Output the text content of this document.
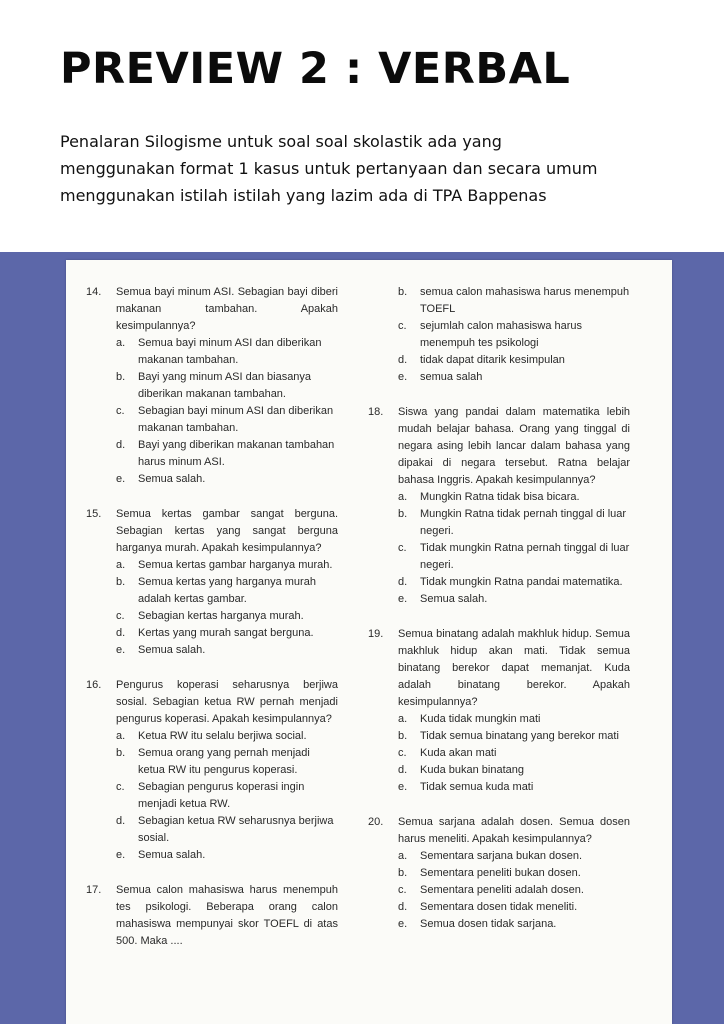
PREVIEW 2 : VERBAL
Penalaran Silogisme untuk soal soal skolastik ada yang
menggunakan format 1 kasus untuk pertanyaan dan secara umum
menggunakan istilah istilah yang lazim ada di TPA Bappenas
14.	Semua bayi minum ASI. Sebagian bayi diberi makanan tambahan. Apakah kesimpulannya?
a.	Semua bayi minum ASI dan diberikan makanan tambahan.
b.	Bayi yang minum ASI dan biasanya diberikan makanan tambahan.
c.	Sebagian bayi minum ASI dan diberikan makanan tambahan.
d.	Bayi yang diberikan makanan tambahan harus minum ASI.
e.	Semua salah.
15.	Semua kertas gambar sangat berguna. Sebagian kertas yang sangat berguna harganya murah. Apakah kesimpulannya?
a.	Semua kertas gambar harganya murah.
b.	Semua kertas yang harganya murah adalah kertas gambar.
c.	Sebagian kertas harganya murah.
d.	Kertas yang murah sangat berguna.
e.	Semua salah.
16.	Pengurus koperasi seharusnya berjiwa sosial. Sebagian ketua RW pernah menjadi pengurus koperasi. Apakah kesimpulannya?
a.	Ketua RW itu selalu berjiwa social.
b.	Semua orang yang pernah menjadi ketua RW itu pengurus koperasi.
c.	Sebagian pengurus koperasi ingin menjadi ketua RW.
d.	Sebagian ketua RW seharusnya berjiwa sosial.
e.	Semua salah.
17.	Semua calon mahasiswa harus menempuh tes psikologi. Beberapa orang calon mahasiswa mempunyai skor TOEFL di atas 500. Maka ....
b.	semua calon mahasiswa harus menempuh TOEFL
c.	sejumlah calon mahasiswa harus menempuh tes psikologi
d.	tidak dapat ditarik kesimpulan
e.	semua salah
18.	Siswa yang pandai dalam matematika lebih mudah belajar bahasa. Orang yang tinggal di negara asing lebih lancar dalam bahasa yang dipakai di negara tersebut. Ratna belajar bahasa Inggris. Apakah kesimpulannya?
a.	Mungkin Ratna tidak bisa bicara.
b.	Mungkin Ratna tidak pernah tinggal di luar negeri.
c.	Tidak mungkin Ratna pernah tinggal di luar negeri.
d.	Tidak mungkin Ratna pandai matematika.
e.	Semua salah.
19.	Semua binatang adalah makhluk hidup. Semua makhluk hidup akan mati. Tidak semua binatang berekor dapat memanjat. Kuda adalah binatang berekor. Apakah kesimpulannya?
a.	Kuda tidak mungkin mati
b.	Tidak semua binatang yang berekor mati
c.	Kuda akan mati
d.	Kuda bukan binatang
e.	Tidak semua kuda mati
20.	Semua sarjana adalah dosen. Semua dosen harus meneliti. Apakah kesimpulannya?
a.	Sementara sarjana bukan dosen.
b.	Sementara peneliti bukan dosen.
c.	Sementara peneliti adalah dosen.
d.	Sementara dosen tidak meneliti.
e.	Semua dosen tidak sarjana.
